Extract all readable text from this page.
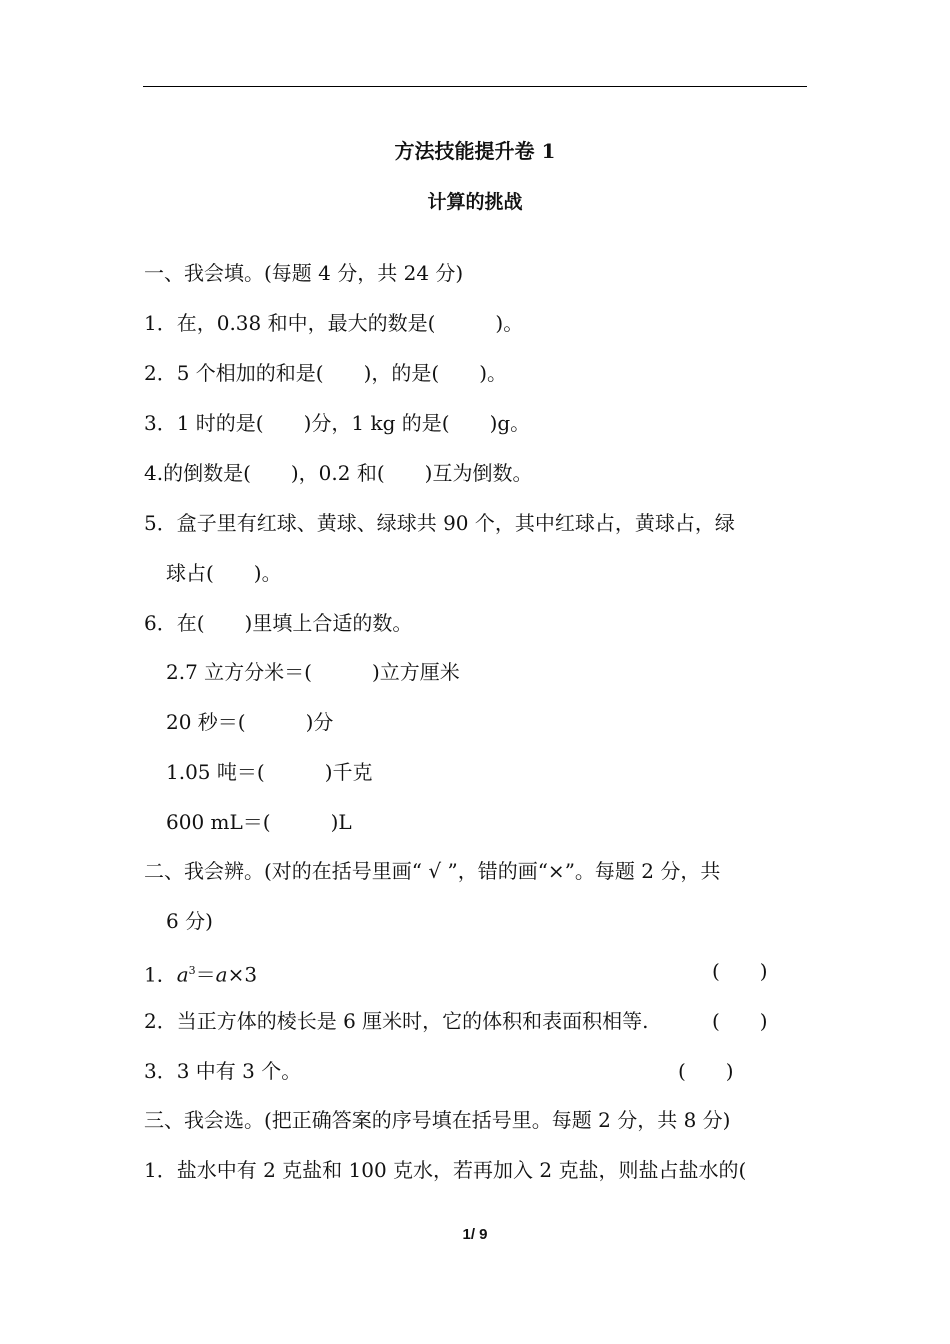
方法技能提升卷 1
计算的挑战
一、我会填。(每题 4 分，共 24 分)
1．在，0.38 和中，最大的数是(　　　)。
2．5 个相加的和是(　　)，的是(　　)。
3．1 时的是(　　)分，1 kg 的是(　　)g。
4.的倒数是(　　)，0.2 和(　　)互为倒数。
5．盒子里有红球、黄球、绿球共 90 个，其中红球占，黄球占，绿
球占(　　)。
6．在(　　)里填上合适的数。
2.7 立方分米＝(　　　)立方厘米
20 秒＝(　　　)分
1.05 吨＝(　　　)千克
600 mL＝(　　　)L
二、我会辨。(对的在括号里画“ √ ”，错的画“×”。每题 2 分，共
6 分)
1．$a^3=a\times 3$	(　　)
2．当正方体的棱长是 6 厘米时，它的体积和表面积相等.	(　　)
3．3 中有 3 个。	(　　)
三、我会选。(把正确答案的序号填在括号里。每题 2 分，共 8 分)
1．盐水中有 2 克盐和 100 克水，若再加入 2 克盐，则盐占盐水的(
1/ 9
